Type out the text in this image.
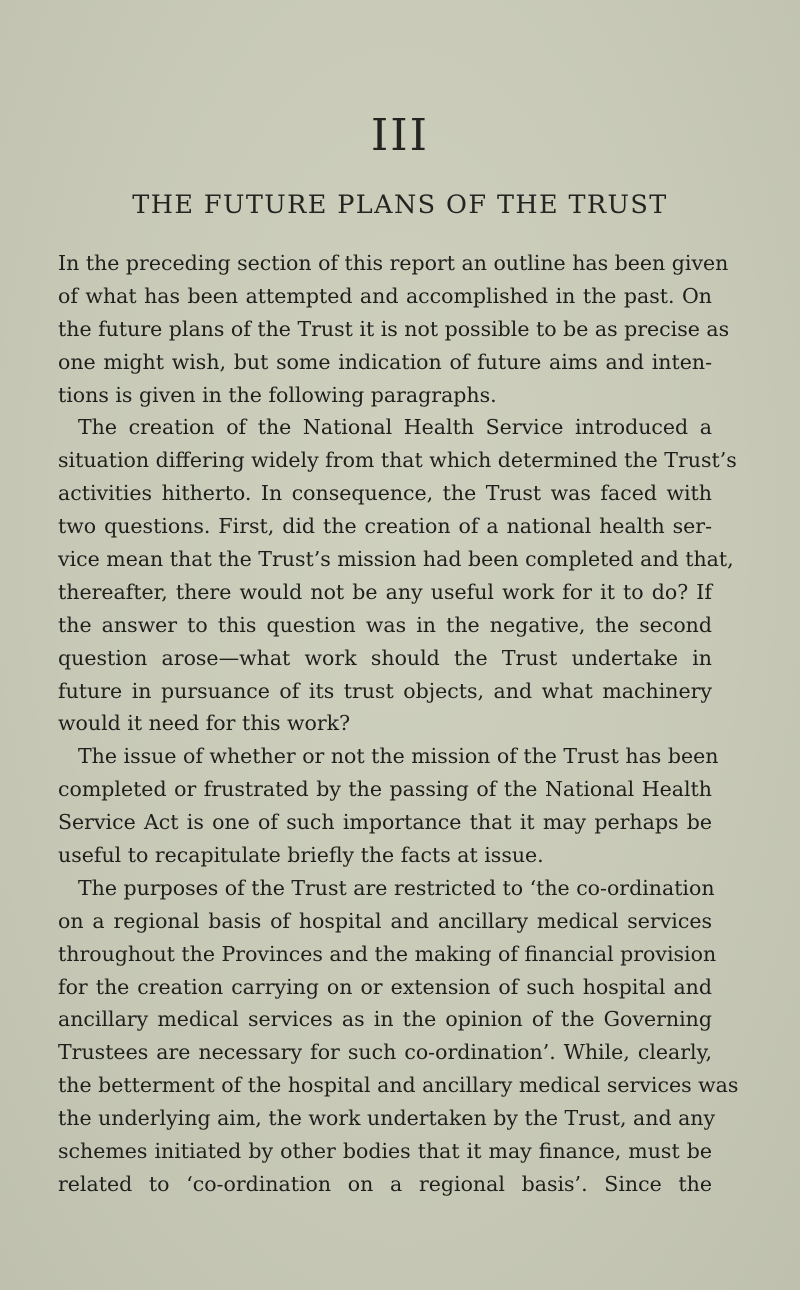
III
THE FUTURE PLANS OF THE TRUST
In the preceding section of this report an outline has been given
of what has been attempted and accomplished in the past. On
the future plans of the Trust it is not possible to be as precise as
one might wish, but some indication of future aims and inten-
tions is given in the following paragraphs.
The creation of the National Health Service introduced a
situation differing widely from that which determined the Trust’s
activities hitherto. In consequence, the Trust was faced with
two questions. First, did the creation of a national health ser-
vice mean that the Trust’s mission had been completed and that,
thereafter, there would not be any useful work for it to do? If
the answer to this question was in the negative, the second
question arose—what work should the Trust undertake in
future in pursuance of its trust objects, and what machinery
would it need for this work?
The issue of whether or not the mission of the Trust has been
completed or frustrated by the passing of the National Health
Service Act is one of such importance that it may perhaps be
useful to recapitulate briefly the facts at issue.
The purposes of the Trust are restricted to ‘the co-ordination
on a regional basis of hospital and ancillary medical services
throughout the Provinces and the making of financial provision
for the creation carrying on or extension of such hospital and
ancillary medical services as in the opinion of the Governing
Trustees are necessary for such co-ordination’. While, clearly,
the betterment of the hospital and ancillary medical services was
the underlying aim, the work undertaken by the Trust, and any
schemes initiated by other bodies that it may finance, must be
related to ‘co-ordination on a regional basis’. Since the
